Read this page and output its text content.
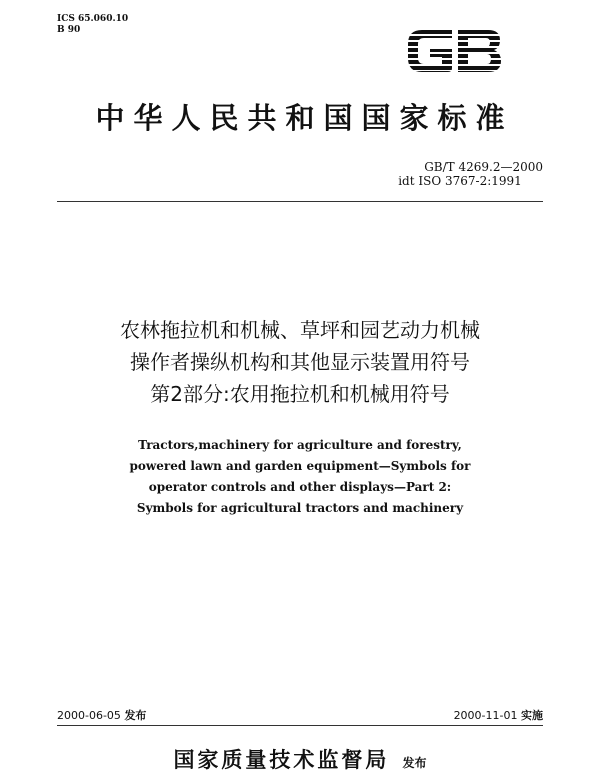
ICS 65.060.10
B 90
中华人民共和国国家标准
GB/T 4269.2—2000
idt ISO 3767-2:1991
农林拖拉机和机械、草坪和园艺动力机械
操作者操纵机构和其他显示装置用符号
第2部分:农用拖拉机和机械用符号
Tractors,machinery for agriculture and forestry,
powered lawn and garden equipment—Symbols for
operator controls and other displays—Part 2:
Symbols for agricultural tractors and machinery
2000-06-05 发布	2000-11-01 实施
国家质量技术监督局 发布
